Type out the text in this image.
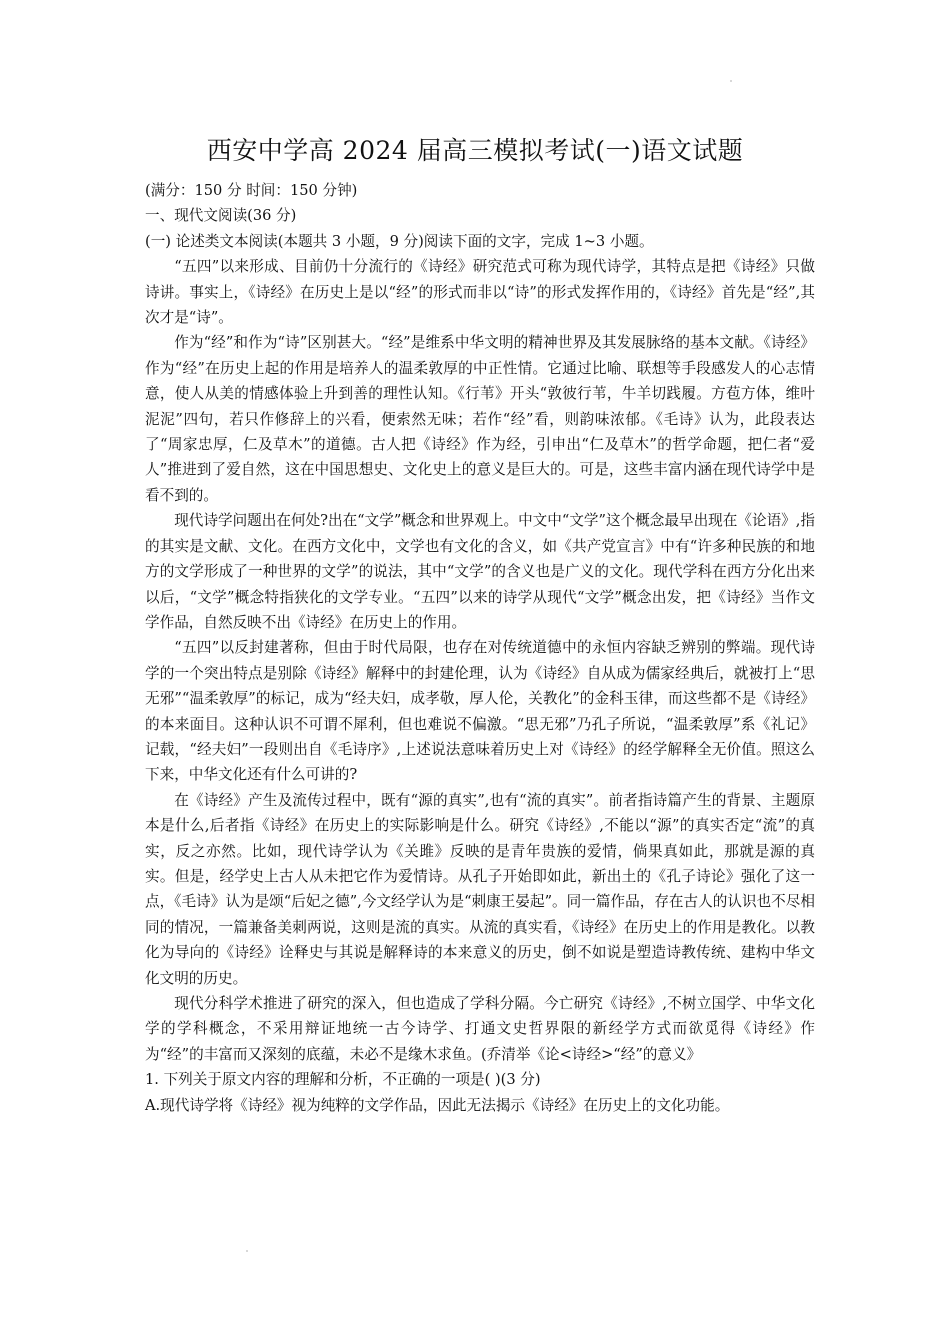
西安中学高 2024 届高三模拟考试(一)语文试题

(满分：150 分 时间：150 分钟)

一、现代文阅读(36 分)

(一) 论述类文本阅读(本题共 3 小题，9 分)阅读下面的文字，完成 1~3 小题。

“五四”以来形成、目前仍十分流行的《诗经》研究范式可称为现代诗学，其特点是把《诗经》只做诗讲。事实上，《诗经》在历史上是以“经”的形式而非以“诗”的形式发挥作用的，《诗经》首先是“经”,其次才是“诗”。

作为“经”和作为“诗”区别甚大。“经”是维系中华文明的精神世界及其发展脉络的基本文献。《诗经》作为“经”在历史上起的作用是培养人的温柔敦厚的中正性情。它通过比喻、联想等手段感发人的心志情意，使人从美的情感体验上升到善的理性认知。《行苇》开头“敦彼行苇，牛羊切践履。方苞方体，维叶泥泥”四句，若只作修辞上的兴看，便索然无味；若作“经”看，则韵味浓郁。《毛诗》认为，此段表达了“周家忠厚，仁及草木”的道德。古人把《诗经》作为经，引申出“仁及草木”的哲学命题，把仁者“爱人”推进到了爱自然，这在中国思想史、文化史上的意义是巨大的。可是，这些丰富内涵在现代诗学中是看不到的。

现代诗学问题出在何处?出在“文学”概念和世界观上。中文中“文学”这个概念最早出现在《论语》,指的其实是文献、文化。在西方文化中，文学也有文化的含义，如《共产党宣言》中有“许多种民族的和地方的文学形成了一种世界的文学”的说法，其中“文学”的含义也是广义的文化。现代学科在西方分化出来以后，“文学”概念特指狭化的文学专业。“五四”以来的诗学从现代“文学”概念出发，把《诗经》当作文学作品，自然反映不出《诗经》在历史上的作用。

“五四”以反封建著称，但由于时代局限，也存在对传统道德中的永恒内容缺乏辨别的弊端。现代诗学的一个突出特点是别除《诗经》解释中的封建伦理，认为《诗经》自从成为儒家经典后，就被打上“思无邪”“温柔敦厚”的标记，成为“经夫妇，成孝敬，厚人伦，关教化”的金科玉律，而这些都不是《诗经》的本来面目。这种认识不可谓不犀利，但也难说不偏激。“思无邪”乃孔子所说，“温柔敦厚”系《礼记》记载，“经夫妇”一段则出自《毛诗序》,上述说法意味着历史上对《诗经》的经学解释全无价值。照这么下来，中华文化还有什么可讲的?

在《诗经》产生及流传过程中，既有“源的真实”,也有“流的真实”。前者指诗篇产生的背景、主题原本是什么,后者指《诗经》在历史上的实际影响是什么。研究《诗经》,不能以“源”的真实否定“流”的真实，反之亦然。比如，现代诗学认为《关雎》反映的是青年贵族的爱情，倘果真如此，那就是源的真实。但是，经学史上古人从未把它作为爱情诗。从孔子开始即如此，新出土的《孔子诗论》强化了这一点，《毛诗》认为是颂“后妃之德”,今文经学认为是“刺康王晏起”。同一篇作品，存在古人的认识也不尽相同的情况，一篇兼备美刺两说，这则是流的真实。从流的真实看，《诗经》在历史上的作用是教化。以教化为导向的《诗经》诠释史与其说是解释诗的本来意义的历史，倒不如说是塑造诗教传统、建构中华文化文明的历史。

现代分科学术推进了研究的深入，但也造成了学科分隔。今亡研究《诗经》,不树立国学、中华文化学的学科概念，不采用辩证地统一古今诗学、打通文史哲界限的新经学方式而欲觅得《诗经》作为“经”的丰富而又深刻的底蕴，未必不是缘木求鱼。(乔清举《论<诗经>“经”的意义》

1. 下列关于原文内容的理解和分析，不正确的一项是( )(3 分)

A.现代诗学将《诗经》视为纯粹的文学作品，因此无法揭示《诗经》在历史上的文化功能。
